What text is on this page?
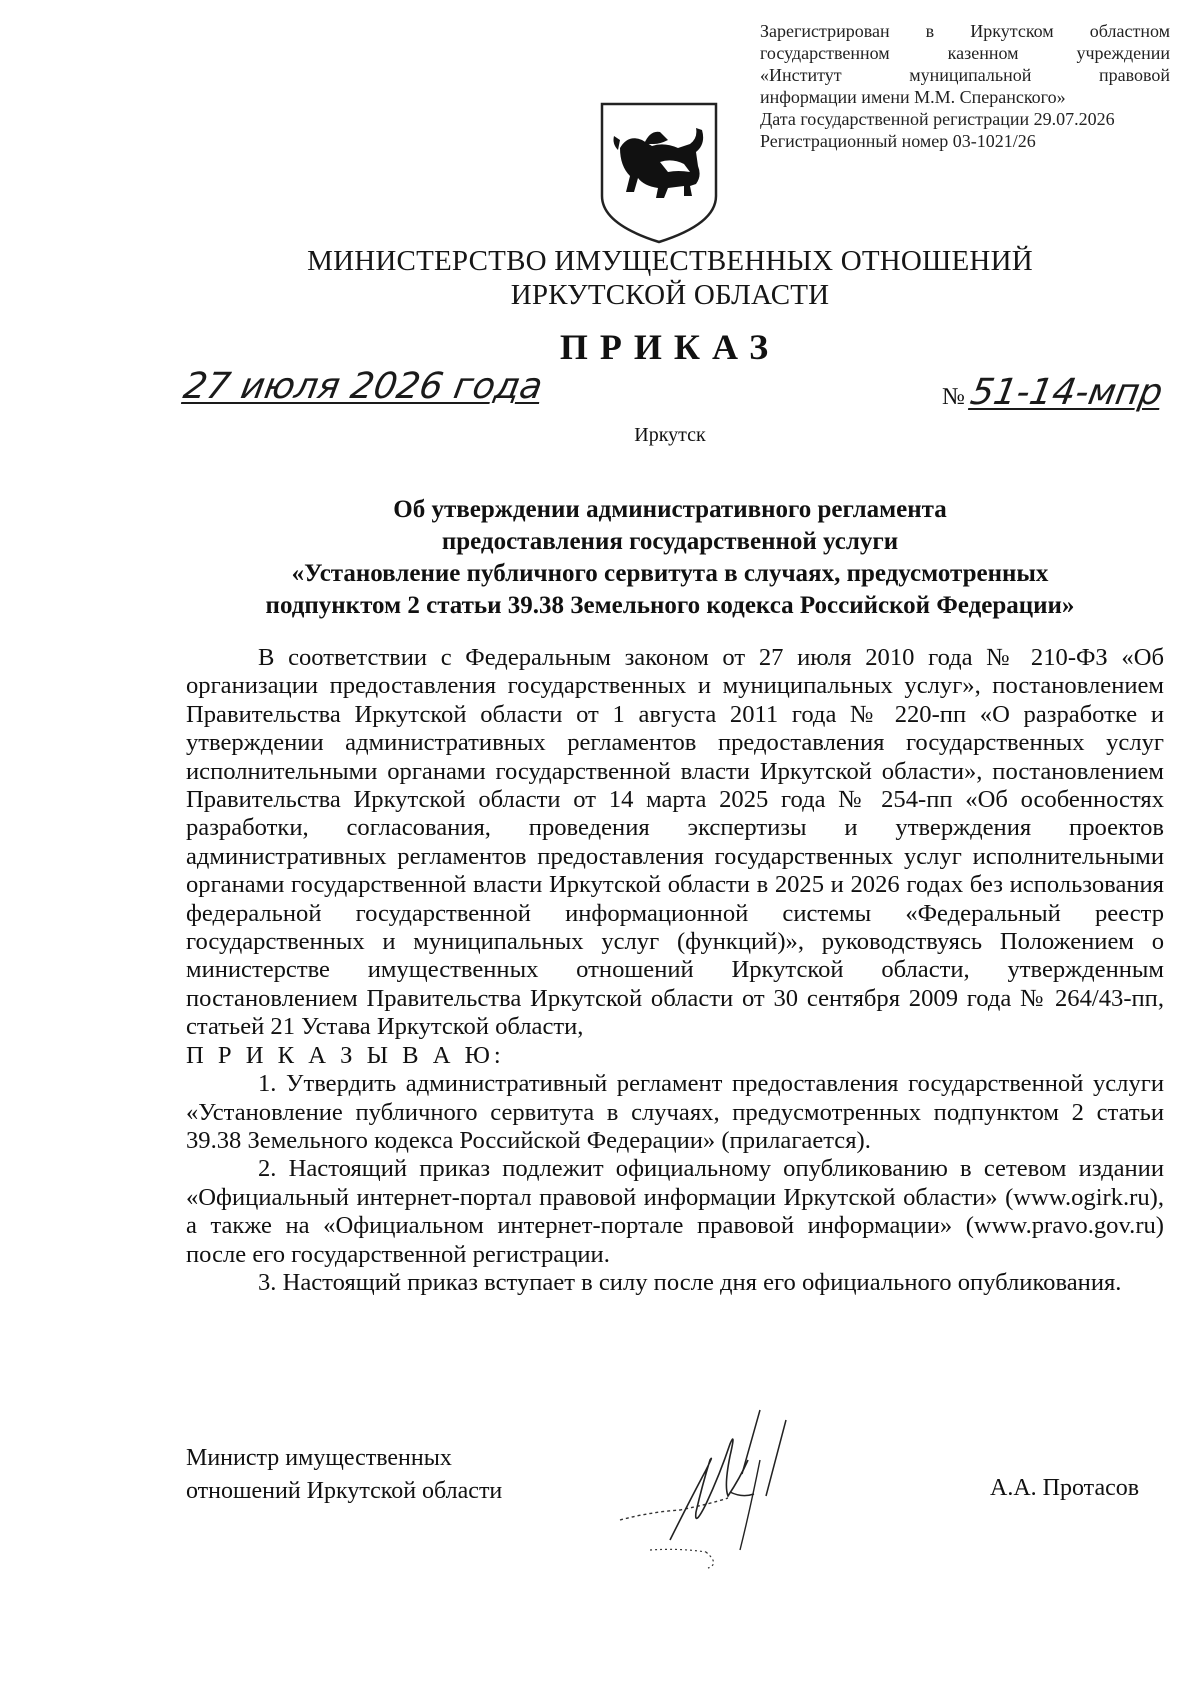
Зарегистрирован в Иркутском областном
государственном казенном учреждении
«Институт муниципальной правовой
информации имени М.М. Сперанского»
Дата государственной регистрации 29.07.2026
Регистрационный номер 03-1021/26
МИНИСТЕРСТВО ИМУЩЕСТВЕННЫХ ОТНОШЕНИЙ
ИРКУТСКОЙ ОБЛАСТИ
ПРИКАЗ
27 июля 2026 года	№51-14-мпр
Иркутск
Об утверждении административного регламента
предоставления государственной услуги
«Установление публичного сервитута в случаях, предусмотренных
подпунктом 2 статьи 39.38 Земельного кодекса Российской Федерации»

В соответствии с Федеральным законом от 27 июля 2010 года № 210-ФЗ «Об организации предоставления государственных и муниципальных услуг», постановлением Правительства Иркутской области от 1 августа 2011 года № 220-пп «О разработке и утверждении административных регламентов предоставления государственных услуг исполнительными органами государственной власти Иркутской области», постановлением Правительства Иркутской области от 14 марта 2025 года № 254-пп «Об особенностях разработки, согласования, проведения экспертизы и утверждения проектов административных регламентов предоставления государственных услуг исполнительными органами государственной власти Иркутской области в 2025 и 2026 годах без использования федеральной государственной информационной системы «Федеральный реестр государственных и муниципальных услуг (функций)», руководствуясь Положением о министерстве имущественных отношений Иркутской области, утвержденным постановлением Правительства Иркутской области от 30 сентября 2009 года № 264/43-пп, статьей 21 Устава Иркутской области,

П Р И К А З Ы В А Ю:

1. Утвердить административный регламент предоставления государственной услуги «Установление публичного сервитута в случаях, предусмотренных подпунктом 2 статьи 39.38 Земельного кодекса Российской Федерации» (прилагается).

2. Настоящий приказ подлежит официальному опубликованию в сетевом издании «Официальный интернет-портал правовой информации Иркутской области» (www.ogirk.ru), а также на «Официальном интернет-портале правовой информации» (www.pravo.gov.ru) после его государственной регистрации.

3. Настоящий приказ вступает в силу после дня его официального опубликования.

Министр имущественных
отношений Иркутской области	А.А. Протасов
